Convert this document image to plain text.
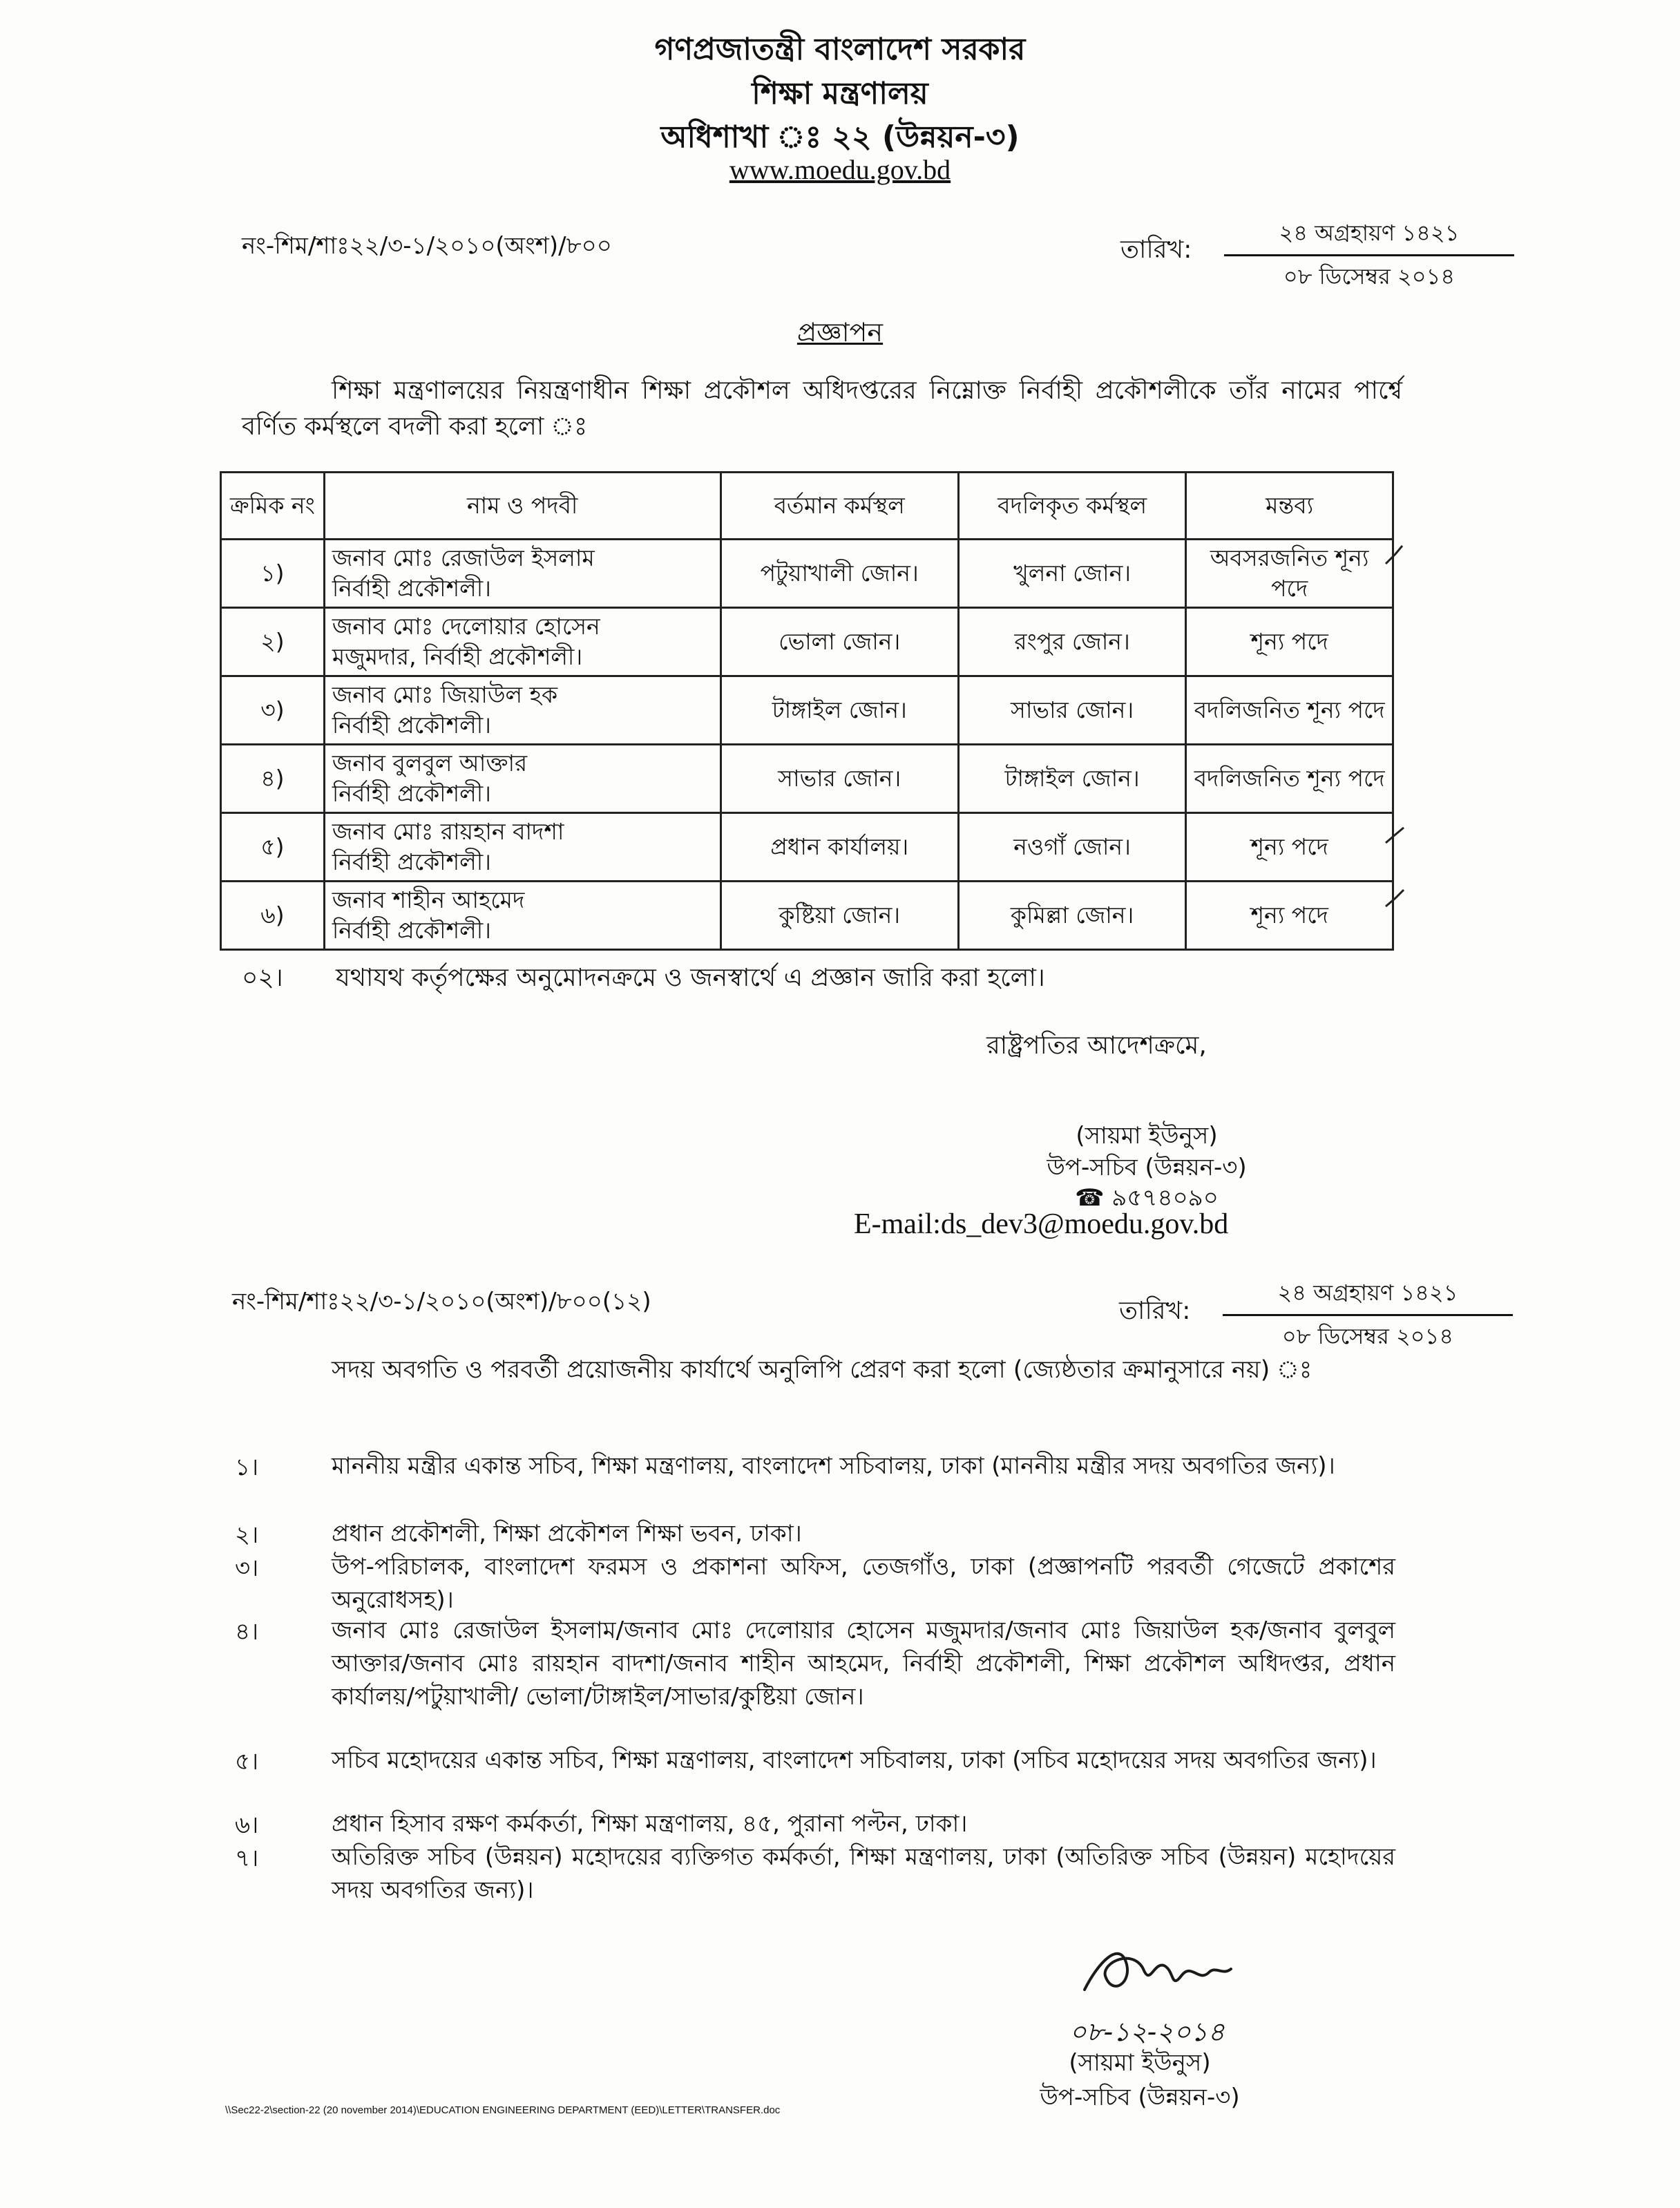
গণপ্রজাতন্ত্রী বাংলাদেশ সরকার
শিক্ষা মন্ত্রণালয়
অধিশাখা ঃ ২২ (উন্নয়ন-৩)
www.moedu.gov.bd
নং-শিম/শাঃ২২/৩-১/২০১০(অংশ)/৮০০	তারিখ:
২৪ অগ্রহায়ণ ১৪২১
০৮ ডিসেম্বর ২০১৪
প্রজ্ঞাপন
শিক্ষা মন্ত্রণালয়ের নিয়ন্ত্রণাধীন শিক্ষা প্রকৌশল অধিদপ্তরের নিম্নোক্ত নির্বাহী প্রকৌশলীকে তাঁর নামের পার্শ্বে বর্ণিত কর্মস্থলে বদলী করা হলো ঃ
ক্রমিক নং	নাম ও পদবী	বর্তমান কর্মস্থল	বদলিকৃত কর্মস্থল	মন্তব্য
১)	জনাব মোঃ রেজাউল ইসলাম
নির্বাহী প্রকৌশলী।	পটুয়াখালী জোন।	খুলনা জোন।	অবসরজনিত শূন্য পদে
২)	জনাব মোঃ দেলোয়ার হোসেন
মজুমদার, নির্বাহী প্রকৌশলী।	ভোলা জোন।	রংপুর জোন।	শূন্য পদে
৩)	জনাব মোঃ জিয়াউল হক
নির্বাহী প্রকৌশলী।	টাঙ্গাইল জোন।	সাভার জোন।	বদলিজনিত শূন্য পদে
৪)	জনাব বুলবুল আক্তার
নির্বাহী প্রকৌশলী।	সাভার জোন।	টাঙ্গাইল জোন।	বদলিজনিত শূন্য পদে
৫)	জনাব মোঃ রায়হান বাদশা
নির্বাহী প্রকৌশলী।	প্রধান কার্যালয়।	নওগাঁ জোন।	শূন্য পদে
৬)	জনাব শাহীন আহমেদ
নির্বাহী প্রকৌশলী।	কুষ্টিয়া জোন।	কুমিল্লা জোন।	শূন্য পদে
০২। যথাযথ কর্তৃপক্ষের অনুমোদনক্রমে ও জনস্বার্থে এ প্রজ্ঞান জারি করা হলো।
রাষ্ট্রপতির আদেশক্রমে,
(সায়মা ইউনুস)
উপ-সচিব (উন্নয়ন-৩)
☎ ৯৫৭৪০৯০
E-mail:ds_dev3@moedu.gov.bd
নং-শিম/শাঃ২২/৩-১/২০১০(অংশ)/৮০০(১২)	তারিখ:
২৪ অগ্রহায়ণ ১৪২১
০৮ ডিসেম্বর ২০১৪
সদয় অবগতি ও পরবর্তী প্রয়োজনীয় কার্যার্থে অনুলিপি প্রেরণ করা হলো (জ্যেষ্ঠতার ক্রমানুসারে নয়) ঃ
১।	মাননীয় মন্ত্রীর একান্ত সচিব, শিক্ষা মন্ত্রণালয়, বাংলাদেশ সচিবালয়, ঢাকা (মাননীয় মন্ত্রীর সদয় অবগতির জন্য)।
২।	প্রধান প্রকৌশলী, শিক্ষা প্রকৌশল শিক্ষা ভবন, ঢাকা।
৩।	উপ-পরিচালক, বাংলাদেশ ফরমস ও প্রকাশনা অফিস, তেজগাঁও, ঢাকা (প্রজ্ঞাপনটি পরবর্তী গেজেটে প্রকাশের অনুরোধসহ)।
৪।	জনাব মোঃ রেজাউল ইসলাম/জনাব মোঃ দেলোয়ার হোসেন মজুমদার/জনাব মোঃ জিয়াউল হক/জনাব বুলবুল আক্তার/জনাব মোঃ রায়হান বাদশা/জনাব শাহীন আহমেদ, নির্বাহী প্রকৌশলী, শিক্ষা প্রকৌশল অধিদপ্তর, প্রধান কার্যালয়/পটুয়াখালী/ ভোলা/টাঙ্গাইল/সাভার/কুষ্টিয়া জোন।
৫।	সচিব মহোদয়ের একান্ত সচিব, শিক্ষা মন্ত্রণালয়, বাংলাদেশ সচিবালয়, ঢাকা (সচিব মহোদয়ের সদয় অবগতির জন্য)।
৬।	প্রধান হিসাব রক্ষণ কর্মকর্তা, শিক্ষা মন্ত্রণালয়, ৪৫, পুরানা পল্টন, ঢাকা।
৭।	অতিরিক্ত সচিব (উন্নয়ন) মহোদয়ের ব্যক্তিগত কর্মকর্তা, শিক্ষা মন্ত্রণালয়, ঢাকা (অতিরিক্ত সচিব (উন্নয়ন) মহোদয়ের সদয় অবগতির জন্য)।
০৮-১২-২০১৪
(সায়মা ইউনুস)
উপ-সচিব (উন্নয়ন-৩)
\\Sec22-2\section-22 (20 november 2014)\EDUCATION ENGINEERING DEPARTMENT (EED)\LETTER\TRANSFER.doc
